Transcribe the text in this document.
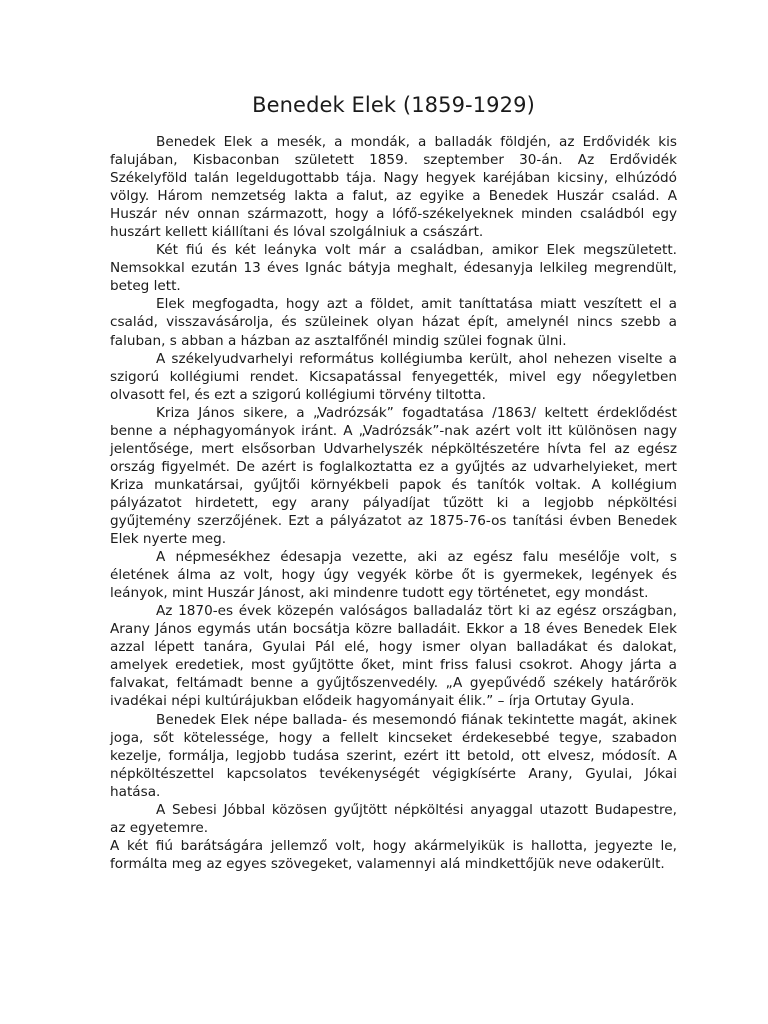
Benedek Elek (1859-1929)

Benedek Elek a mesék, a mondák, a balladák földjén, az Erdővidék kis falujában, Kisbaconban született 1859. szeptember 30-án. Az Erdővidék Székelyföld talán legeldugottabb tája. Nagy hegyek karéjában kicsiny, elhúzódó völgy. Három nemzetség lakta a falut, az egyike a Benedek Huszár család. A Huszár név onnan származott, hogy a lófő-székelyeknek minden családból egy huszárt kellett kiállítani és lóval szolgálniuk a császárt.

Két fiú és két leányka volt már a családban, amikor Elek megszületett. Nemsokkal ezután 13 éves Ignác bátyja meghalt, édesanyja lelkileg megrendült, beteg lett.

Elek megfogadta, hogy azt a földet, amit taníttatása miatt veszített el a család, visszavásárolja, és szüleinek olyan házat épít, amelynél nincs szebb a faluban, s abban a házban az asztalfőnél mindig szülei fognak ülni.

A székelyudvarhelyi református kollégiumba került, ahol nehezen viselte a szigorú kollégiumi rendet. Kicsapatással fenyegették, mivel egy nőegyletben olvasott fel, és ezt a szigorú kollégiumi törvény tiltotta.

Kriza János sikere, a „Vadrózsák” fogadtatása /1863/ keltett érdeklődést benne a néphagyományok iránt. A „Vadrózsák”-nak azért volt itt különösen nagy jelentősége, mert elsősorban Udvarhelyszék népköltészetére hívta fel az egész ország figyelmét. De azért is foglalkoztatta ez a gyűjtés az udvarhelyieket, mert Kriza munkatársai, gyűjtői környékbeli papok és tanítók voltak. A kollégium pályázatot hirdetett, egy arany pályadíjat tűzött ki a legjobb népköltési gyűjtemény szerzőjének. Ezt a pályázatot az 1875-76-os tanítási évben Benedek Elek nyerte meg.

A népmesékhez édesapja vezette, aki az egész falu mesélője volt, s életének álma az volt, hogy úgy vegyék körbe őt is gyermekek, legények és leányok, mint Huszár Jánost, aki mindenre tudott egy történetet, egy mondást.

Az 1870-es évek közepén valóságos balladaláz tört ki az egész országban, Arany János egymás után bocsátja közre balladáit. Ekkor a 18 éves Benedek Elek azzal lépett tanára, Gyulai Pál elé, hogy ismer olyan balladákat és dalokat, amelyek eredetiek, most gyűjtötte őket, mint friss falusi csokrot. Ahogy járta a falvakat, feltámadt benne a gyűjtőszenvedély. „A gyepűvédő székely határőrök ivadékai népi kultúrájukban elődeik hagyományait élik.” – írja Ortutay Gyula.

Benedek Elek népe ballada- és mesemondó fiának tekintette magát, akinek joga, sőt kötelessége, hogy a fellelt kincseket érdekesebbé tegye, szabadon kezelje, formálja, legjobb tudása szerint, ezért itt betold, ott elvesz, módosít. A népköltészettel kapcsolatos tevékenységét végigkísérte Arany, Gyulai, Jókai hatása.

A Sebesi Jóbbal közösen gyűjtött népköltési anyaggal utazott Budapestre, az egyetemre.

A két fiú barátságára jellemző volt, hogy akármelyikük is hallotta, jegyezte le, formálta meg az egyes szövegeket, valamennyi alá mindkettőjük neve odakerült.
